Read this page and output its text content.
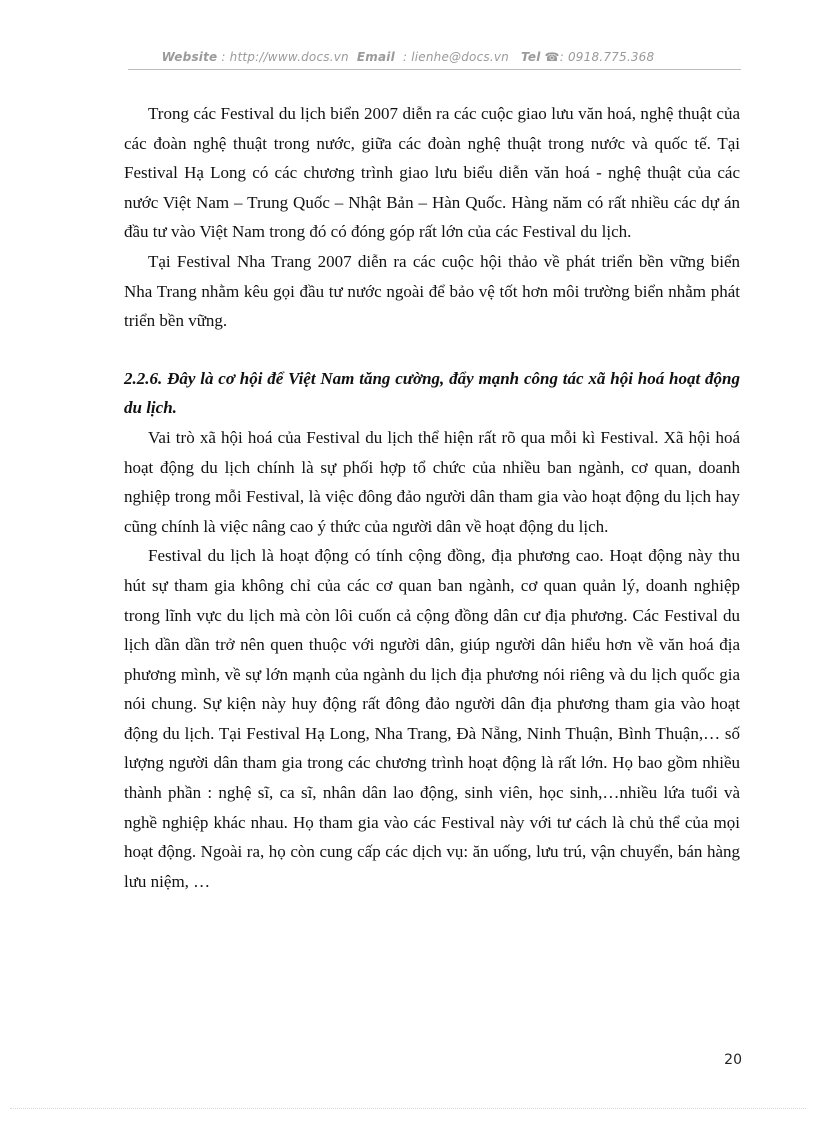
Website : http://www.docs.vn Email : lienhe@docs.vn Tel ☎: 0918.775.368

Trong các Festival du lịch biển 2007 diễn ra các cuộc giao lưu văn hoá, nghệ thuật của các đoàn nghệ thuật trong nước, giữa các đoàn nghệ thuật trong nước và quốc tế. Tại Festival Hạ Long có các chương trình giao lưu biểu diễn văn hoá - nghệ thuật của các nước Việt Nam – Trung Quốc – Nhật Bản – Hàn Quốc. Hàng năm có rất nhiều các dự án đầu tư vào Việt Nam trong đó có đóng góp rất lớn của các Festival du lịch.

Tại Festival Nha Trang 2007 diễn ra các cuộc hội thảo về phát triển bền vững biển Nha Trang nhằm kêu gọi đầu tư nước ngoài để bảo vệ tốt hơn môi trường biển nhằm phát triển bền vững.

2.2.6. Đây là cơ hội để Việt Nam tăng cường, đẩy mạnh công tác xã hội hoá hoạt động du lịch.

Vai trò xã hội hoá của Festival du lịch thể hiện rất rõ qua mỗi kì Festival. Xã hội hoá hoạt động du lịch chính là sự phối hợp tổ chức của nhiều ban ngành, cơ quan, doanh nghiệp trong mỗi Festival, là việc đông đảo người dân tham gia vào hoạt động du lịch hay cũng chính là việc nâng cao ý thức của người dân về hoạt động du lịch.

Festival du lịch là hoạt động có tính cộng đồng, địa phương cao. Hoạt động này thu hút sự tham gia không chỉ của các cơ quan ban ngành, cơ quan quản lý, doanh nghiệp trong lĩnh vực du lịch mà còn lôi cuốn cả cộng đồng dân cư địa phương. Các Festival du lịch dần dần trở nên quen thuộc với người dân, giúp người dân hiểu hơn về văn hoá địa phương mình, về sự lớn mạnh của ngành du lịch địa phương nói riêng và du lịch quốc gia nói chung. Sự kiện này huy động rất đông đảo người dân địa phương tham gia vào hoạt động du lịch. Tại Festival Hạ Long, Nha Trang, Đà Nẵng, Ninh Thuận, Bình Thuận,… số lượng người dân tham gia trong các chương trình hoạt động là rất lớn. Họ bao gồm nhiều thành phần : nghệ sĩ, ca sĩ, nhân dân lao động, sinh viên, học sinh,…nhiều lứa tuổi và nghề nghiệp khác nhau. Họ tham gia vào các Festival này với tư cách là chủ thể của mọi hoạt động. Ngoài ra, họ còn cung cấp các dịch vụ: ăn uống, lưu trú, vận chuyển, bán hàng lưu niệm, …

20
